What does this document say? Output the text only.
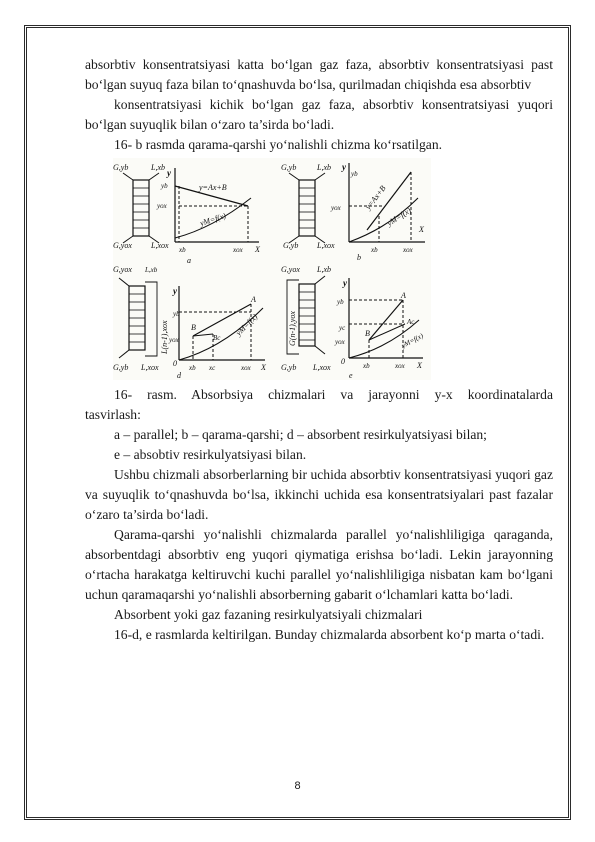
absorbtiv konsentratsiyasi katta bo‘lgan gaz faza, absorbtiv konsentratsiyasi past bo‘lgan suyuq faza bilan to‘qnashuvda bo‘lsa, qurilmadan chiqishda esa absorbtiv

konsentratsiyasi kichik bo‘lgan gaz faza, absorbtiv konsentratsiyasi yuqori bo‘lgan suyuqlik bilan o‘zaro ta’sirda bo‘ladi.

16- b rasmda qarama-qarshi yo‘nalishli chizma ko‘rsatilgan.

G,yb	L,xb
G,yox L,xox
y
X
yb
yox
y=Ax+B
yM=f(x)
xb	xox
a
G,yb	L,xb
G,yb L,xox
y
X
yb
yox	y=Ax+B
yM=f(x)
xb	xox
b
G,yox L,xb
L(n-1),xox
G,yb L,xox
y
X
yb
yox
B
Bc
A
yM=f(x)
0 xb xc	xox
d
G,yox L,xb
G(n-1),yox
G,yb L,xox
y
X
yb
yc
yox
A
Ac
B	yM=f(x)
0	xb	xox
e

16- rasm. Absorbsiya chizmalari va jarayonni y-x koordinatalarda

tasvirlash:

a – parallel; b – qarama-qarshi; d – absorbent resirkulyatsiyasi bilan;

e – absobtiv resirkulyatsiyasi bilan.

Ushbu chizmali absorberlarning bir uchida absorbtiv konsentratsiyasi yuqori gaz va suyuqlik to‘qnashuvda bo‘lsa, ikkinchi uchida esa konsentratsiyalari past fazalar o‘zaro ta’sirda bo‘ladi.

Qarama-qarshi yo‘nalishli chizmalarda parallel yo‘nalishliligiga qaraganda, absorbentdagi absorbtiv eng yuqori qiymatiga erishsa bo‘ladi. Lekin jarayonning o‘rtacha harakatga keltiruvchi kuchi parallel yo‘nalishliligiga nisbatan kam bo‘lgani uchun qaramaqarshi yo‘nalishli absorberning gabarit o‘lchamlari katta bo‘ladi.

Absorbent yoki gaz fazaning resirkulyatsiyali chizmalari

16-d, e rasmlarda keltirilgan. Bunday chizmalarda absorbent ko‘p marta o‘tadi.

8
